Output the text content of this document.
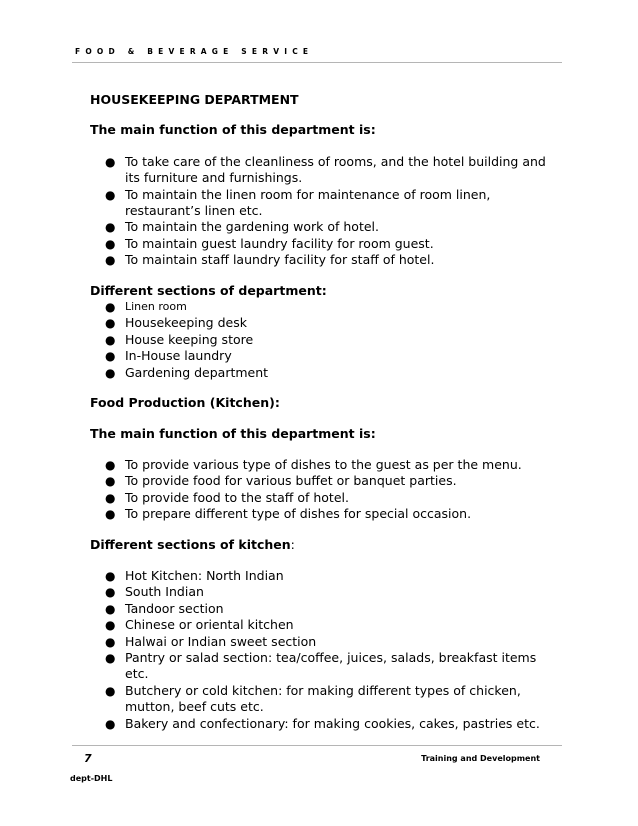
FOOD & BEVERAGE SERVICE

HOUSEKEEPING DEPARTMENT

The main function of this department is:

● To take care of the cleanliness of rooms, and the hotel building and its furniture and furnishings.
● To maintain the linen room for maintenance of room linen, restaurant’s linen etc.
● To maintain the gardening work of hotel.
● To maintain guest laundry facility for room guest.
● To maintain staff laundry facility for staff of hotel.

Different sections of department:

● Linen room
● Housekeeping desk
● House keeping store
● In-House laundry
● Gardening department

Food Production (Kitchen):

The main function of this department is:

● To provide various type of dishes to the guest as per the menu.
● To provide food for various buffet or banquet parties.
● To provide food to the staff of hotel.
● To prepare different type of dishes for special occasion.

Different sections of kitchen:

● Hot Kitchen: North Indian
● South Indian
● Tandoor section
● Chinese or oriental kitchen
● Halwai or Indian sweet section
● Pantry or salad section: tea/coffee, juices, salads, breakfast items etc.
● Butchery or cold kitchen: for making different types of chicken, mutton, beef cuts etc.
● Bakery and confectionary: for making cookies, cakes, pastries etc.
7	Training and Development
dept-DHL
